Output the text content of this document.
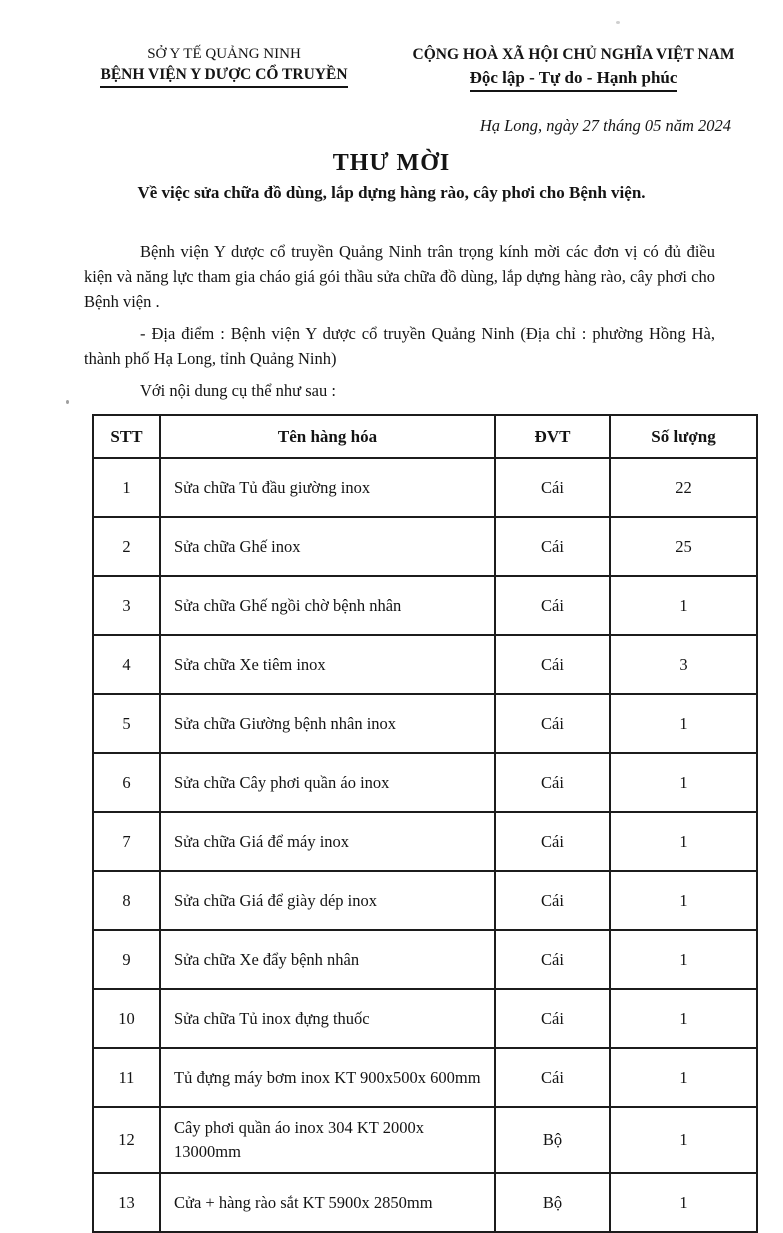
SỞ Y TẾ QUẢNG NINH
BỆNH VIỆN Y DƯỢC CỔ TRUYỀN
CỘNG HOÀ XÃ HỘI CHỦ NGHĨA VIỆT NAM
Độc lập - Tự do - Hạnh phúc
Hạ Long, ngày 27 tháng 05 năm 2024
THƯ MỜI
Về việc sửa chữa đồ dùng, lắp dựng hàng rào, cây phơi cho Bệnh viện.

Bệnh viện Y dược cổ truyền Quảng Ninh trân trọng kính mời các đơn vị có đủ điều kiện và năng lực tham gia cháo giá gói thầu sửa chữa đồ dùng, lắp dựng hàng rào, cây phơi cho Bệnh viện .

- Địa điểm : Bệnh viện Y dược cổ truyền Quảng Ninh (Địa chỉ : phường Hồng Hà, thành phố Hạ Long, tỉnh Quảng Ninh)

Với nội dung cụ thể như sau :

STT	Tên hàng hóa	ĐVT	Số lượng
1	Sửa chữa Tủ đầu giường inox	Cái	22
2	Sửa chữa Ghế inox	Cái	25
3	Sửa chữa Ghế ngồi chờ bệnh nhân	Cái	1
4	Sửa chữa Xe tiêm inox	Cái	3
5	Sửa chữa Giường bệnh nhân inox	Cái	1
6	Sửa chữa Cây phơi quần áo inox	Cái	1
7	Sửa chữa Giá để máy inox	Cái	1
8	Sửa chữa Giá để giày dép inox	Cái	1
9	Sửa chữa Xe đẩy bệnh nhân	Cái	1
10	Sửa chữa Tủ inox đựng thuốc	Cái	1
11	Tủ đựng máy bơm inox KT 900x500x 600mm	Cái	1
12	Cây phơi quần áo inox 304 KT 2000x 13000mm	Bộ	1
13	Cửa + hàng rào sắt KT 5900x 2850mm	Bộ	1
